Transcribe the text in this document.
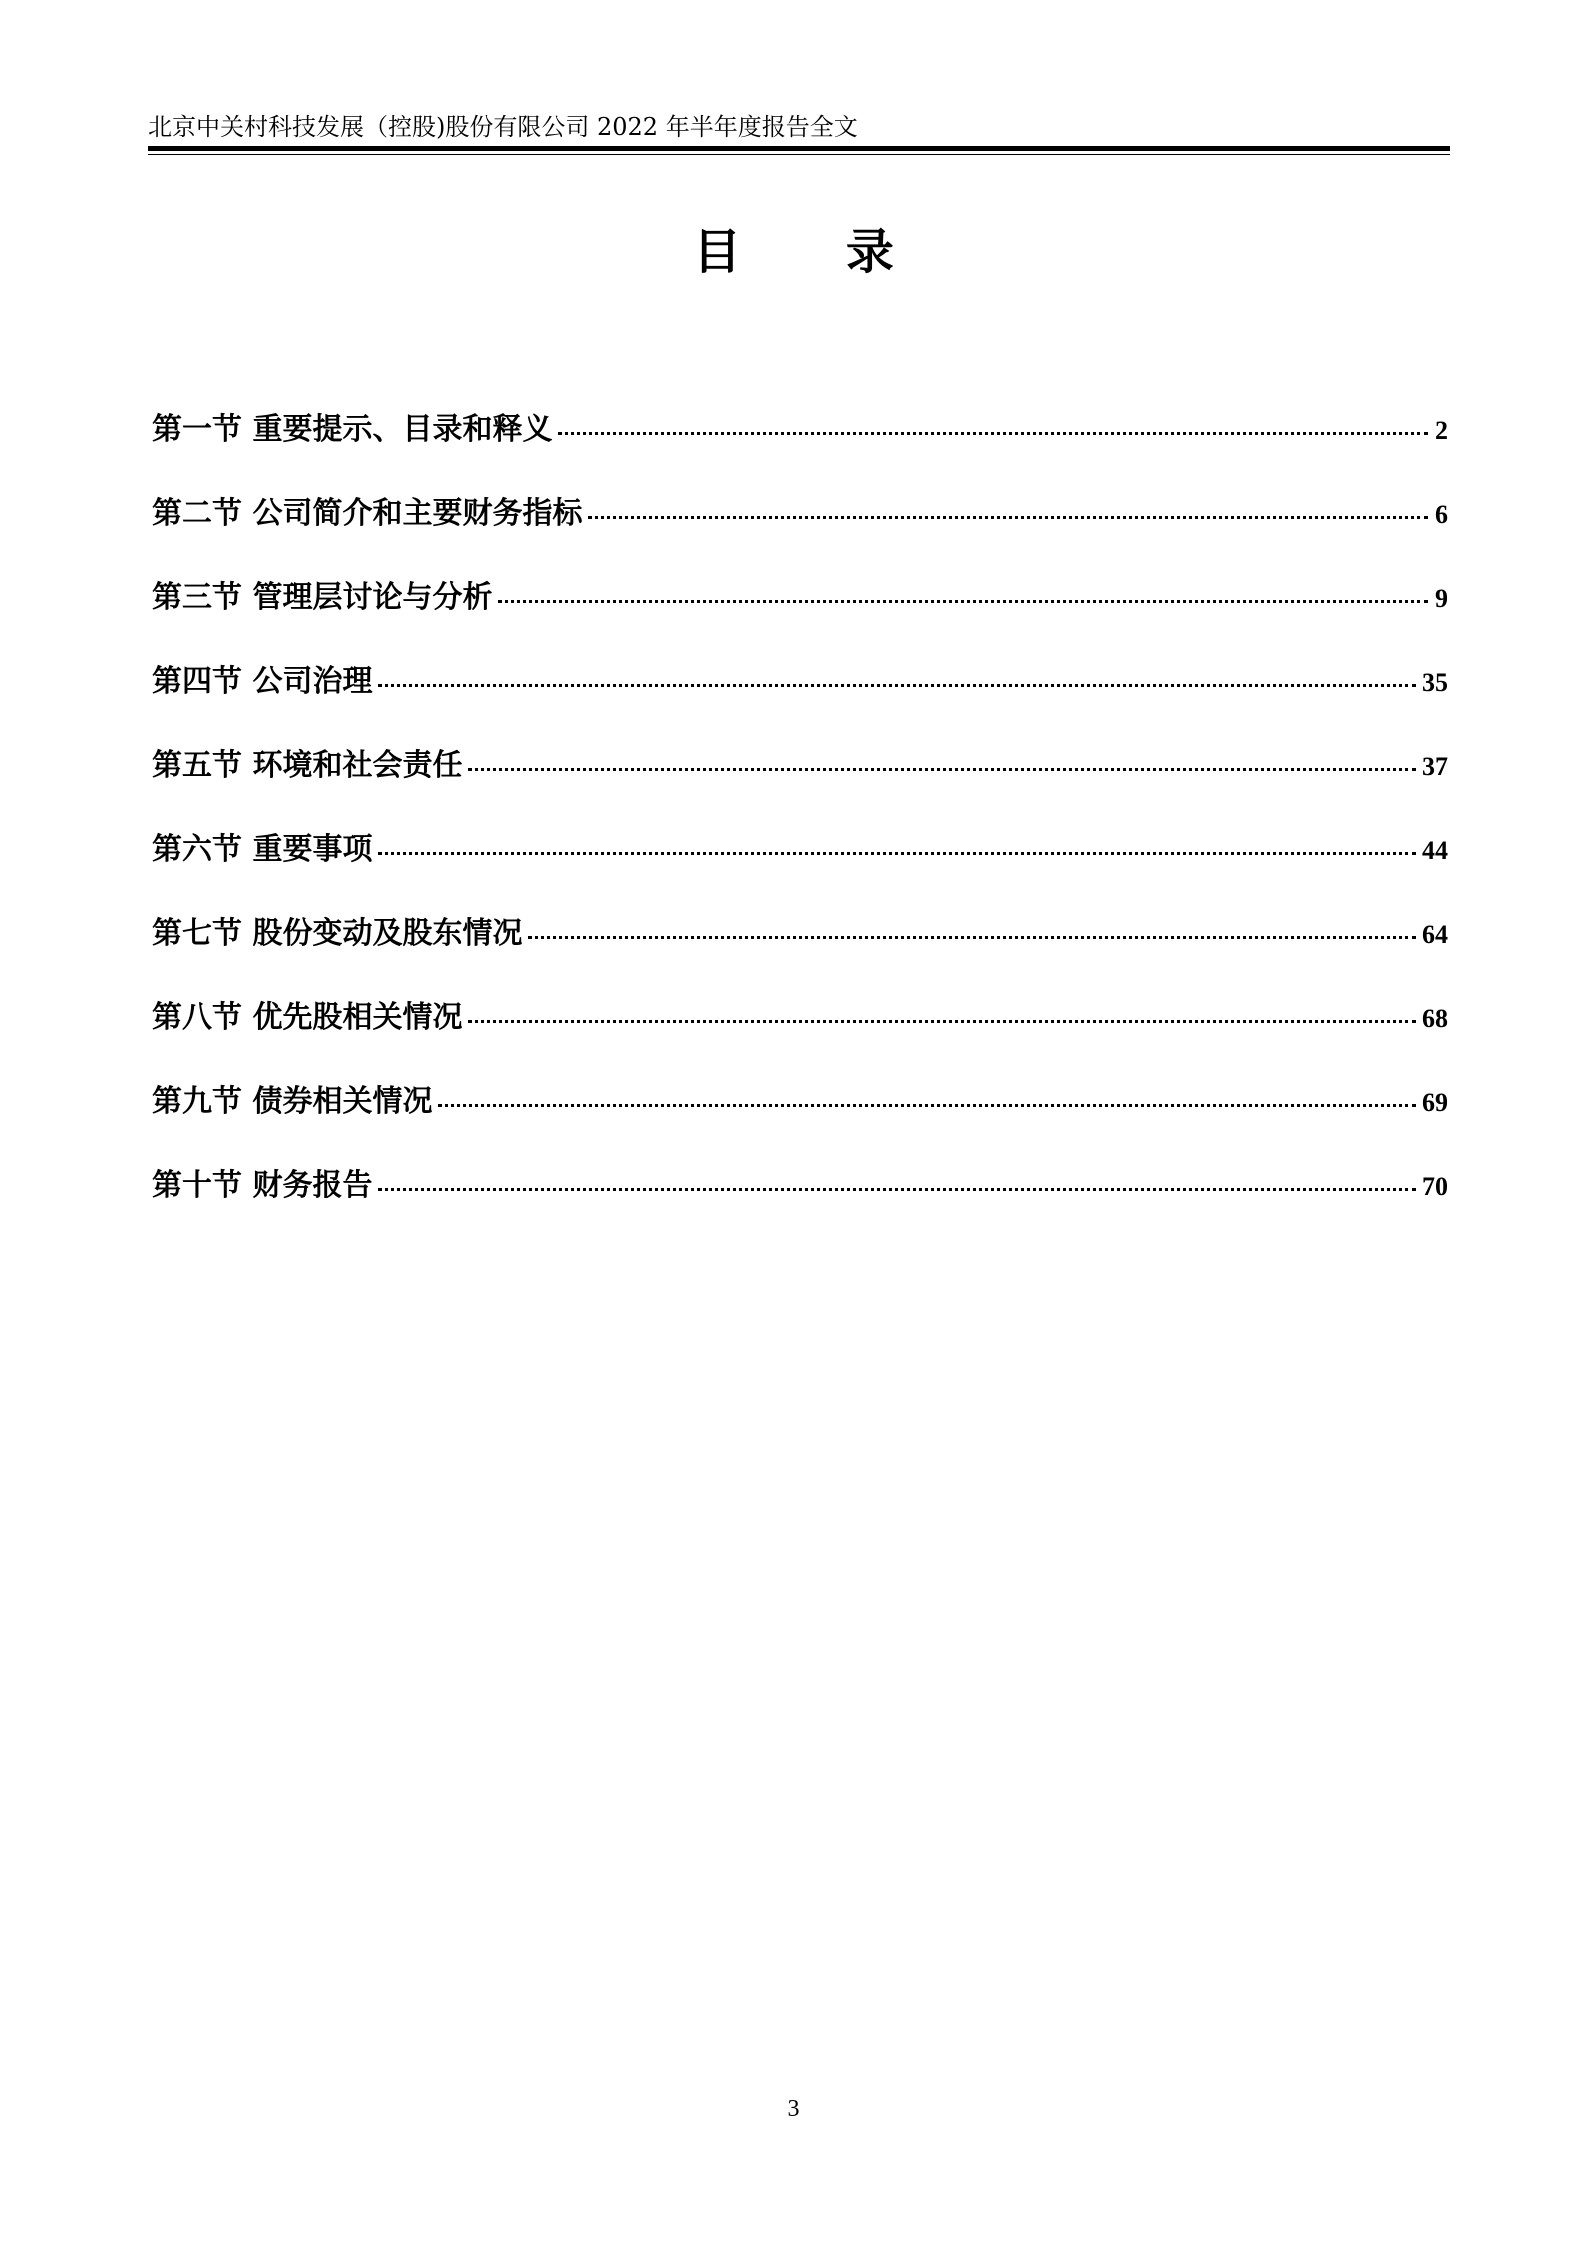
北京中关村科技发展（控股)股份有限公司 2022 年半年度报告全文
目 录
第一节 重要提示、目录和释义	2
第二节 公司简介和主要财务指标	6
第三节 管理层讨论与分析	9
第四节 公司治理	35
第五节 环境和社会责任	37
第六节 重要事项	44
第七节 股份变动及股东情况	64
第八节 优先股相关情况	68
第九节 债券相关情况	69
第十节 财务报告	70
3
